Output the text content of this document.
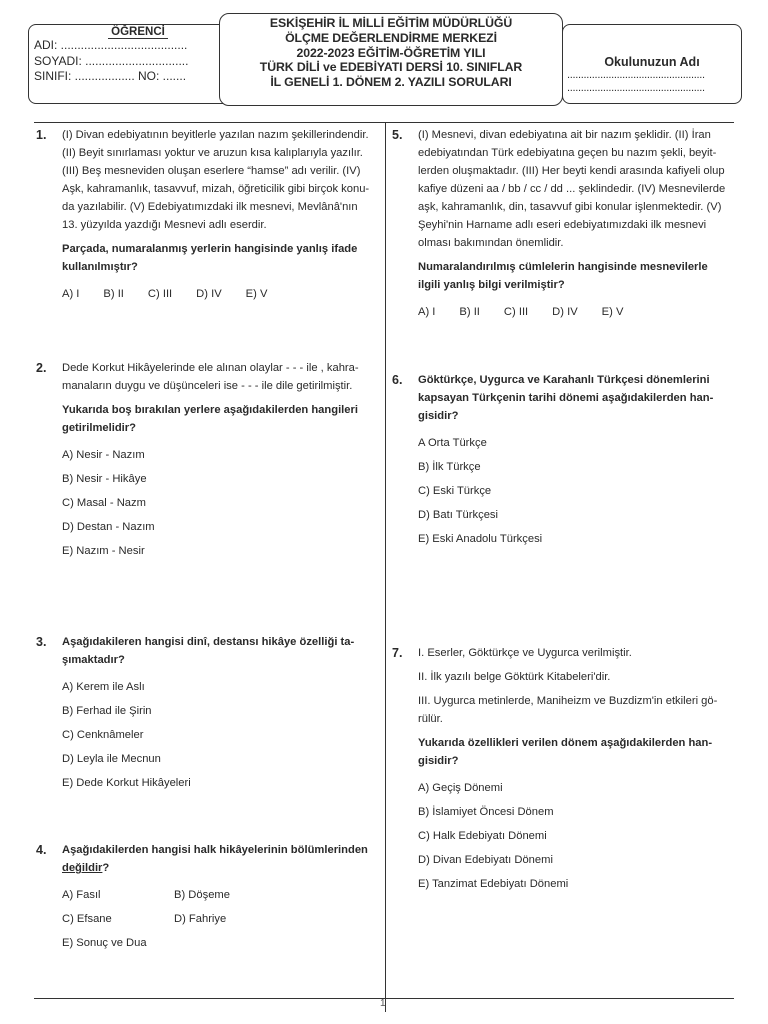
ÖĞRENCİ
ADI: ......................................
SOYADI: ...............................
SINIFI: .................. NO: .......
ESKİŞEHİR İL MİLLİ EĞİTİM MÜDÜRLÜĞÜ
ÖLÇME DEĞERLENDİRME MERKEZİ
2022-2023 EĞİTİM-ÖĞRETİM YILI
TÜRK DİLİ ve EDEBİYATI DERSİ 10. SINIFLAR
İL GENELİ 1. DÖNEM 2. YAZILI SORULARI
Okulunuzun Adı
..................................................
..................................................
1. (I) Divan edebiyatının beyitlerle yazılan nazım şekillerindendir. (II) Beyit sınırlaması yoktur ve aruzun kısa kalıplarıyla yazılır. (III) Beş mesneviden oluşan eserlere “hamse” adı verilir. (IV) Aşk, kahramanlık, tasavvuf, mizah, öğreticilik gibi birçok konu-da yazılabilir. (V) Edebiyatımızdaki ilk mesnevi, Mevlânâ'nın 13. yüzyılda yazdığı Mesnevi adlı eserdir.

Parçada, numaralanmış yerlerin hangisinde yanlış ifade kullanılmıştır?

A) I B) II C) III D) IV E) V
2. Dede Korkut Hikâyelerinde ele alınan olaylar - - - ile , kahra-manaların duygu ve düşünceleri ise - - - ile dile getirilmiştir.

Yukarıda boş bırakılan yerlere aşağıdakilerden hangileri getirilmelidir?

A) Nesir - Nazım
B) Nesir - Hikâye
C) Masal - Nazm
D) Destan - Nazım
E) Nazım - Nesir
3. Aşağıdakileren hangisi dinî, destansı hikâye özelliği ta-şımaktadır?

A) Kerem ile Aslı
B) Ferhad ile Şirin
C) Cenknâmeler
D) Leyla ile Mecnun
E) Dede Korkut Hikâyeleri
4. Aşağıdakilerden hangisi halk hikâyelerinin bölümlerinden değildir?

A) Fasıl	B) Döşeme
C) Efsane	D) Fahriye
E) Sonuç ve Dua
5. (I) Mesnevi, divan edebiyatına ait bir nazım şeklidir. (II) İran edebiyatından Türk edebiyatına geçen bu nazım şekli, beyit-lerden oluşmaktadır. (III) Her beyti kendi arasında kafiyeli olup kafiye düzeni aa / bb / cc / dd ... şeklindedir. (IV) Mesnevilerde aşk, kahramanlık, din, tasavvuf gibi konular işlenmektedir. (V) Şeyhi'nin Harname adlı eseri edebiyatımızdaki ilk mesnevi olması bakımından önemlidir.

Numaralandırılmış cümlelerin hangisinde mesnevilerle ilgili yanlış bilgi verilmiştir?

A) I B) II C) III D) IV E) V
6. Göktürkçe, Uygurca ve Karahanlı Türkçesi dönemlerini kapsayan Türkçenin tarihi dönemi aşağıdakilerden han-gisidir?

A Orta Türkçe
B) İlk Türkçe
C) Eski Türkçe
D) Batı Türkçesi
E) Eski Anadolu Türkçesi
7. I. Eserler, Göktürkçe ve Uygurca verilmiştir.

II. İlk yazılı belge Göktürk Kitabeleri'dir.

III. Uygurca metinlerde, Maniheizm ve Buzdizm'in etkileri gö-rülür.

Yukarıda özellikleri verilen dönem aşağıdakilerden han-gisidir?

A) Geçiş Dönemi
B) İslamiyet Öncesi Dönem
C) Halk Edebiyatı Dönemi
D) Divan Edebiyatı Dönemi
E) Tanzimat Edebiyatı Dönemi
1
